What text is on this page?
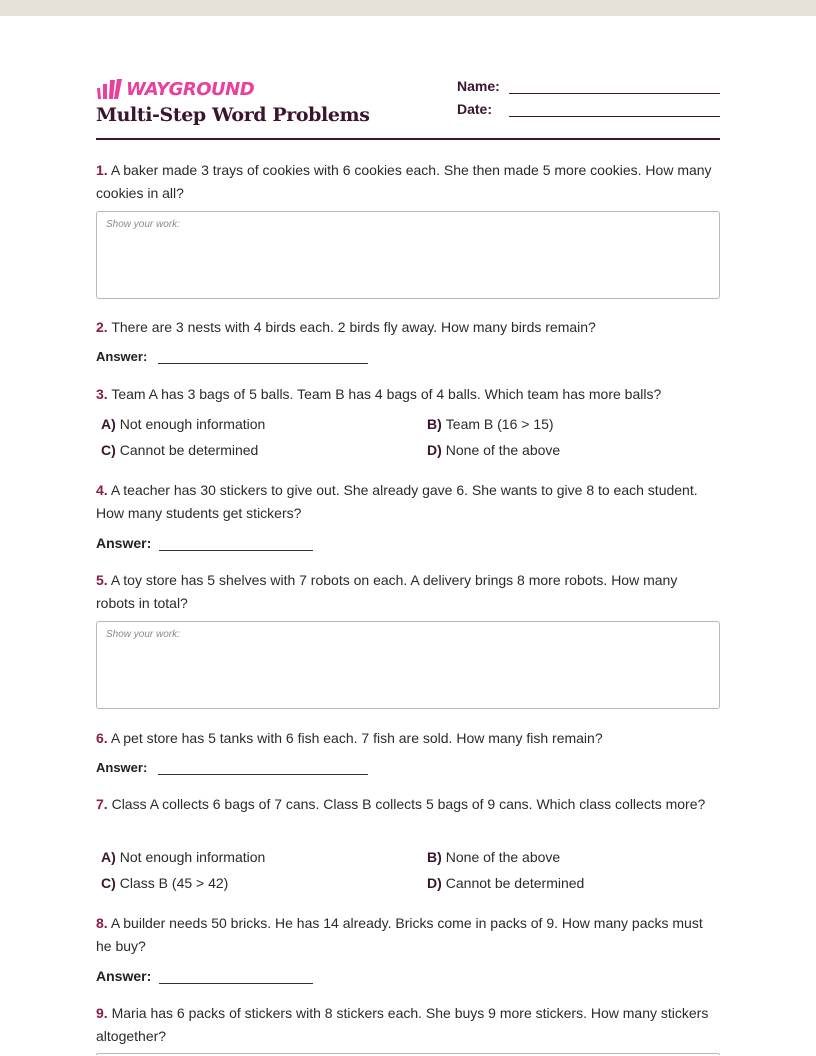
WAYGROUND
Multi-Step Word Problems
Name:
Date:
1. A baker made 3 trays of cookies with 6 cookies each. She then made 5 more cookies. How many cookies in all?
Show your work:
2. There are 3 nests with 4 birds each. 2 birds fly away. How many birds remain?
Answer:
3. Team A has 3 bags of 5 balls. Team B has 4 bags of 4 balls. Which team has more balls?
A) Not enough information	B) Team B (16 > 15)
C) Cannot be determined	D) None of the above
4. A teacher has 30 stickers to give out. She already gave 6. She wants to give 8 to each student. How many students get stickers?
Answer:
5. A toy store has 5 shelves with 7 robots on each. A delivery brings 8 more robots. How many robots in total?
Show your work:
6. A pet store has 5 tanks with 6 fish each. 7 fish are sold. How many fish remain?
Answer:
7. Class A collects 6 bags of 7 cans. Class B collects 5 bags of 9 cans. Which class collects more?
A) Not enough information	B) None of the above
C) Class B (45 > 42)	D) Cannot be determined
8. A builder needs 50 bricks. He has 14 already. Bricks come in packs of 9. How many packs must he buy?
Answer:
9. Maria has 6 packs of stickers with 8 stickers each. She buys 9 more stickers. How many stickers altogether?
